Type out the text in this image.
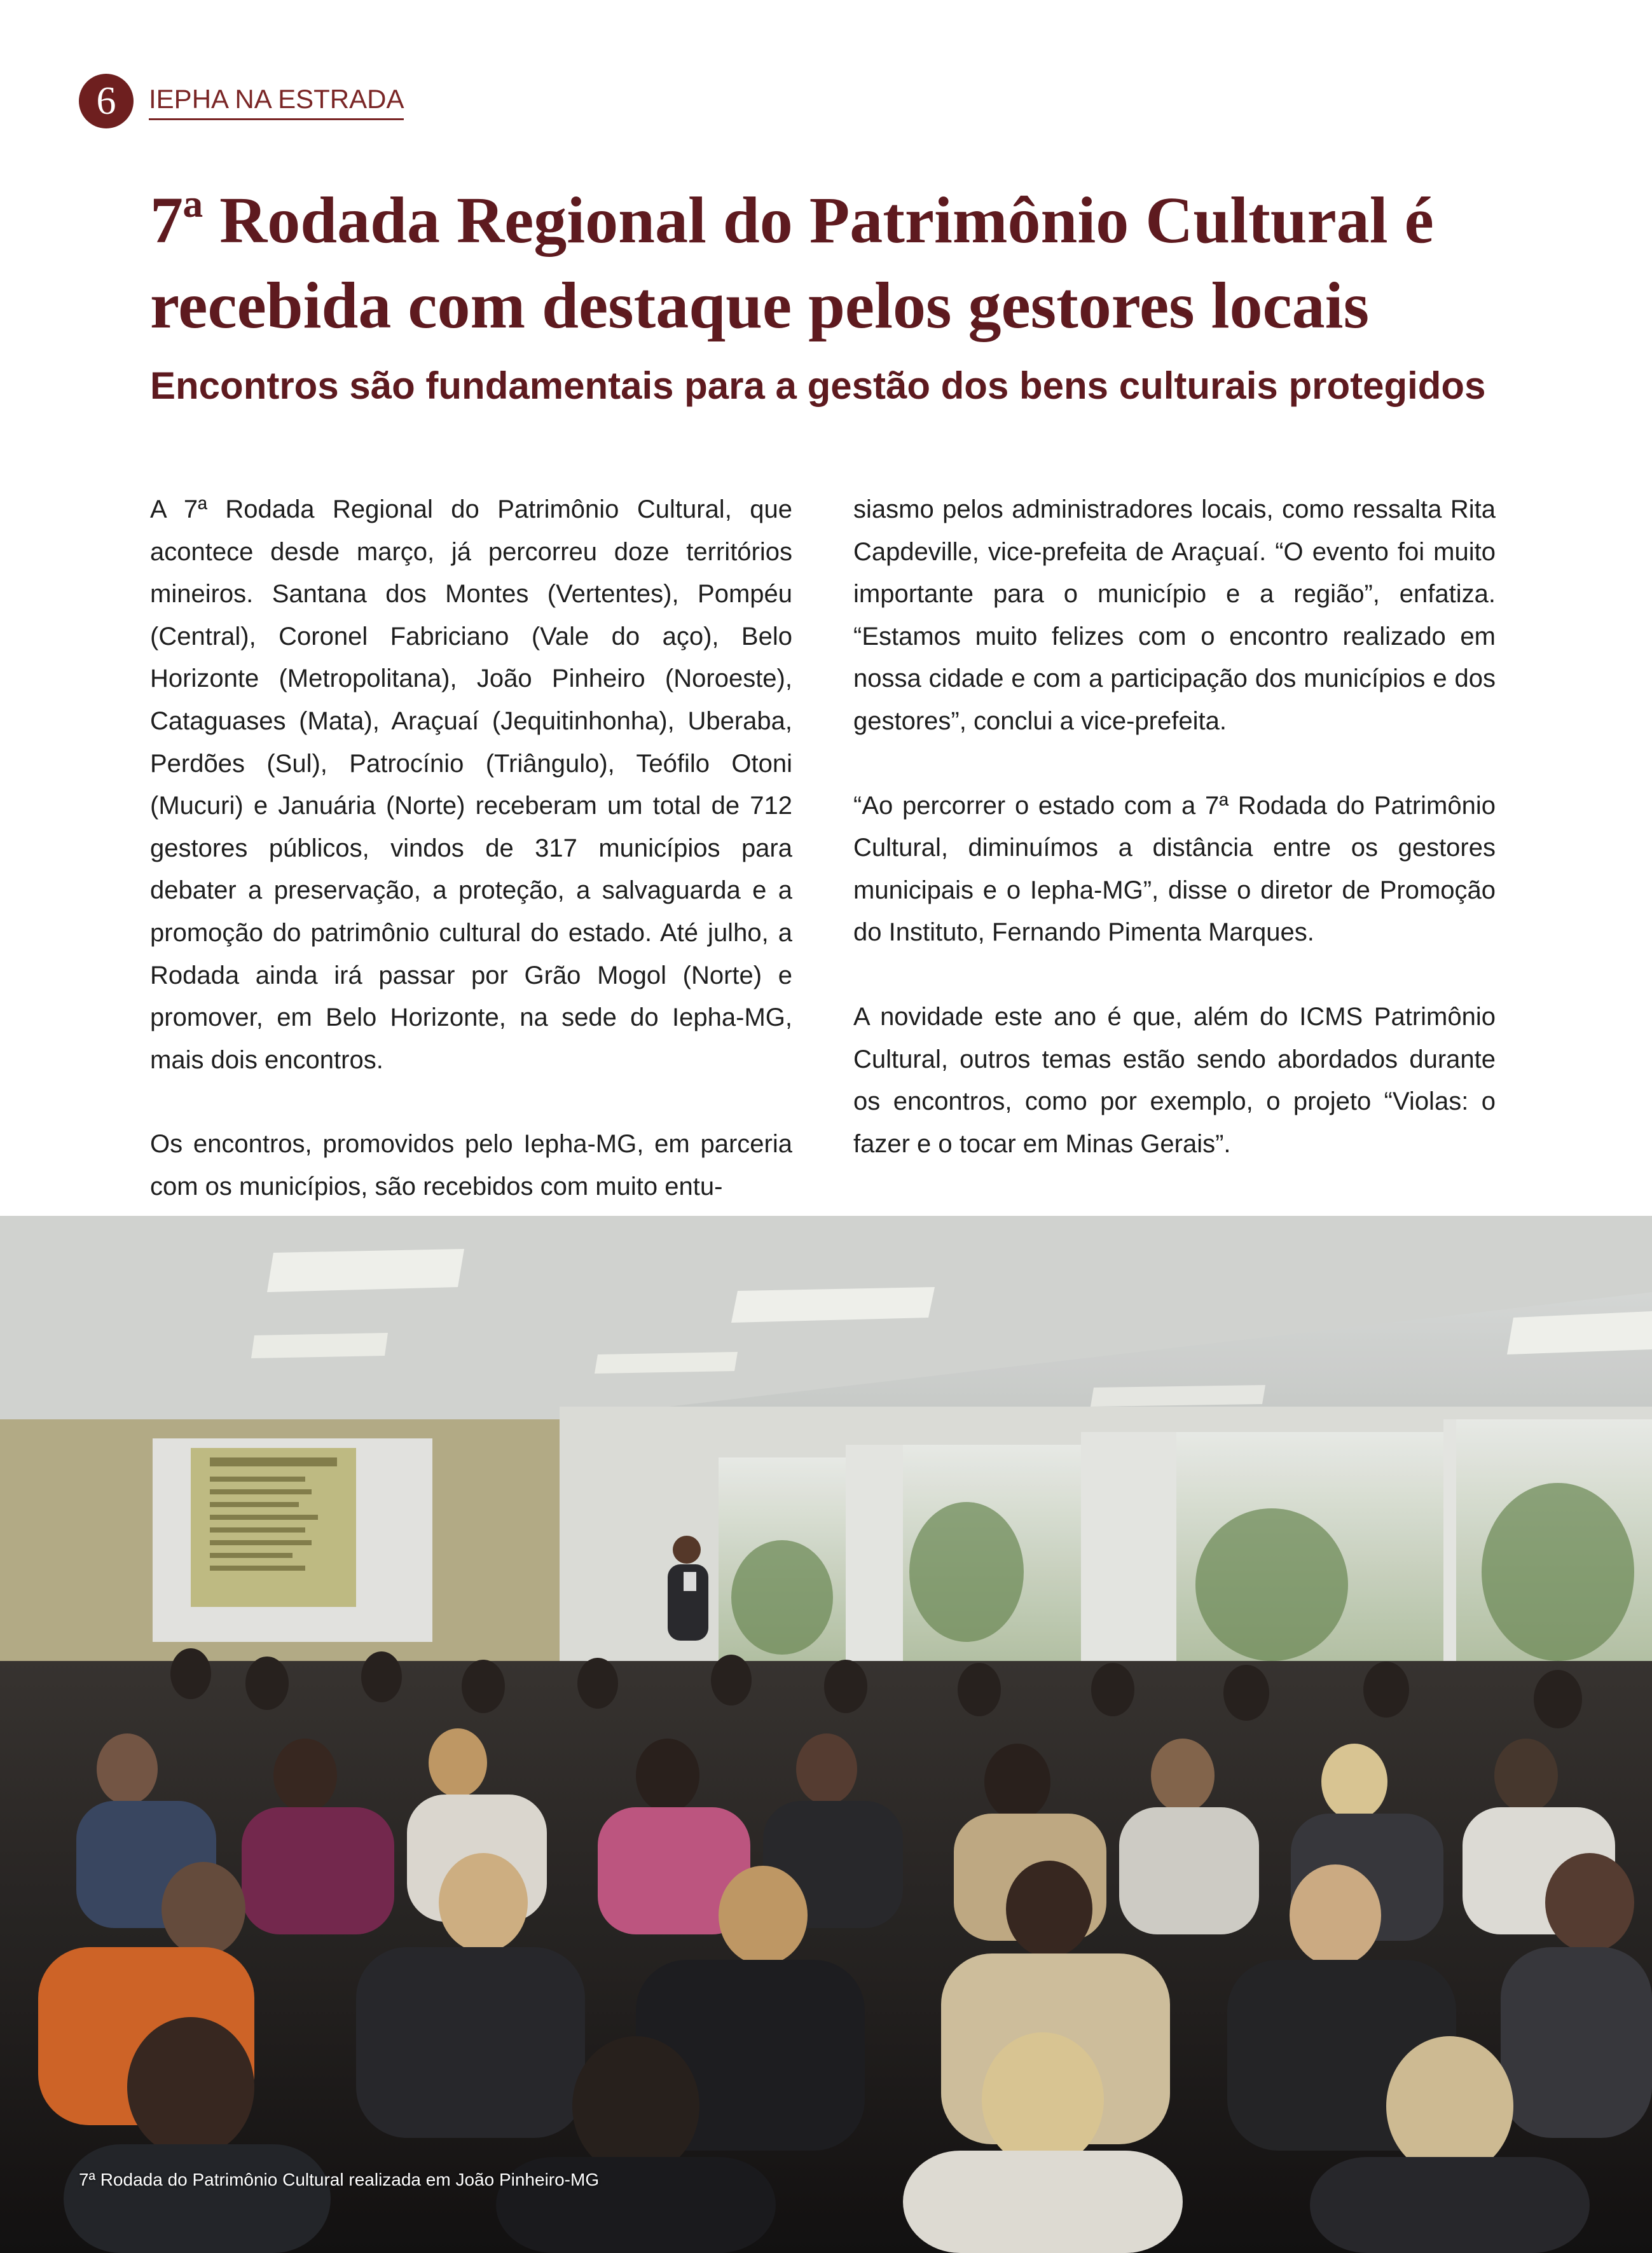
6	IEPHA NA ESTRADA
7ª Rodada Regional do Patrimônio Cultural é recebida com destaque pelos gestores locais
Encontros são fundamentais para a gestão dos bens culturais protegidos

A 7ª Rodada Regional do Patrimônio Cultural, que acontece desde março, já percorreu doze territórios mineiros. Santana dos Montes (Vertentes), Pompéu (Central), Coronel Fabriciano (Vale do aço), Belo Horizonte (Metropolitana), João Pinheiro (Noroeste), Cataguases (Mata), Araçuaí (Jequitinhonha), Uberaba, Perdões (Sul), Patrocínio (Triângulo), Teófilo Otoni (Mucuri) e Januária (Norte) receberam um total de 712 gestores públicos, vindos de 317 municípios para debater a preservação, a proteção, a salvaguarda e a promoção do patrimônio cultural do estado. Até julho, a Rodada ainda irá passar por Grão Mogol (Norte) e promover, em Belo Horizonte, na sede do Iepha-MG, mais dois encontros.

Os encontros, promovidos pelo Iepha-MG, em parceria com os municípios, são recebidos com muito entu-

siasmo pelos administradores locais, como ressalta Rita Capdeville, vice-prefeita de Araçuaí. “O evento foi muito importante para o município e a região”, enfatiza. “Estamos muito felizes com o encontro realizado em nossa cidade e com a participação dos municípios e dos gestores”, conclui a vice-prefeita.

“Ao percorrer o estado com a 7ª Rodada do Patrimônio Cultural, diminuímos a distância entre os gestores municipais e o Iepha-MG”, disse o diretor de Promoção do Instituto, Fernando Pimenta Marques.

A novidade este ano é que, além do ICMS Patrimônio Cultural, outros temas estão sendo abordados durante os encontros, como por exemplo, o projeto “Violas: o fazer e o tocar em Minas Gerais”.

7ª Rodada do Patrimônio Cultural realizada em João Pinheiro-MG
